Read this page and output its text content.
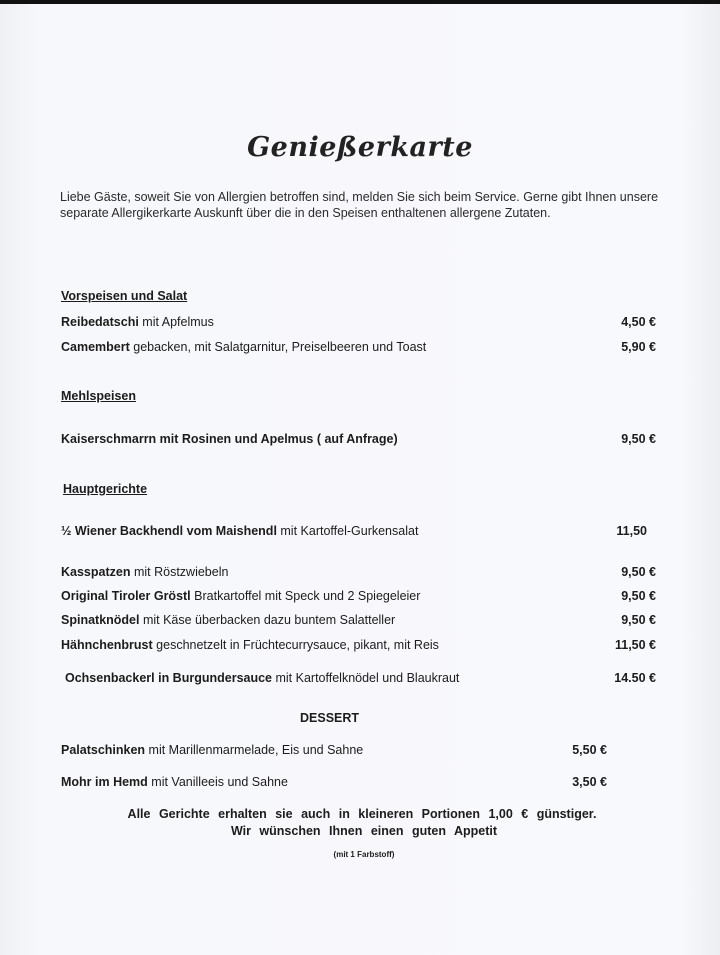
Genießerkarte
Liebe Gäste, soweit Sie von Allergien betroffen sind, melden Sie sich beim Service. Gerne gibt Ihnen unsere separate Allergikerkarte Auskunft über die in den Speisen enthaltenen allergene Zutaten.
Vorspeisen und Salat
Reibedatschi mit Apfelmus	4,50 €
Camembert gebacken, mit Salatgarnitur, Preiselbeeren und Toast	5,90 €
Mehlspeisen
Kaiserschmarrn mit Rosinen und Apelmus ( auf Anfrage)	9,50 €
Hauptgerichte
½ Wiener Backhendl vom Maishendl mit Kartoffel-Gurkensalat	11,50
Kasspatzen mit Röstzwiebeln	9,50 €
Original Tiroler Gröstl Bratkartoffel mit Speck und 2 Spiegeleier	9,50 €
Spinatknödel mit Käse überbacken dazu buntem Salatteller	9,50 €
Hähnchenbrust geschnetzelt in Früchtecurrysauce, pikant, mit Reis	11,50 €
Ochsenbackerl in Burgundersauce mit Kartoffelknödel und Blaukraut	14.50 €
DESSERT
Palatschinken mit Marillenmarmelade, Eis und Sahne	5,50 €
Mohr im Hemd mit Vanilleeis und Sahne	3,50 €
Alle Gerichte erhalten sie auch in kleineren Portionen 1,00 € günstiger.
Wir wünschen Ihnen einen guten Appetit
(mit 1 Farbstoff)
